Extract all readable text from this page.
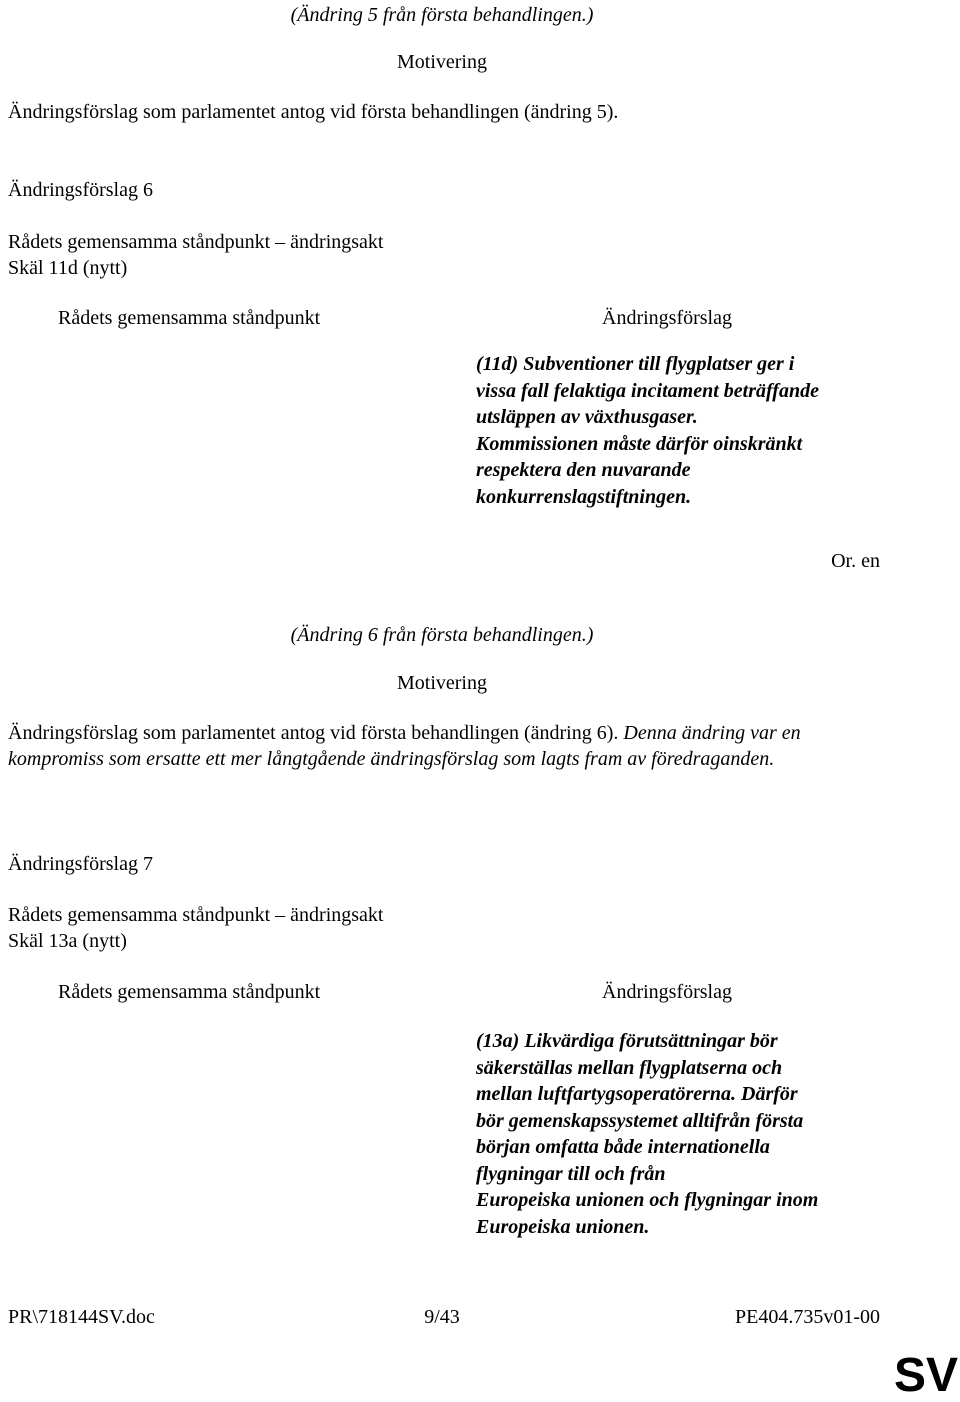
(Ändring 5 från första behandlingen.)
Motivering
Ändringsförslag som parlamentet antog vid första behandlingen (ändring 5).
Ändringsförslag 6
Rådets gemensamma ståndpunkt – ändringsakt
Skäl 11d (nytt)
Rådets gemensamma ståndpunkt	Ändringsförslag
(11d) Subventioner till flygplatser ger i
vissa fall felaktiga incitament beträffande
utsläppen av växthusgaser.
Kommissionen måste därför oinskränkt
respektera den nuvarande
konkurrenslagstiftningen.
Or. en
(Ändring 6 från första behandlingen.)
Motivering
Ändringsförslag som parlamentet antog vid första behandlingen (ändring 6). Denna ändring var en kompromiss som ersatte ett mer långtgående ändringsförslag som lagts fram av föredraganden.
Ändringsförslag 7
Rådets gemensamma ståndpunkt – ändringsakt
Skäl 13a (nytt)
Rådets gemensamma ståndpunkt	Ändringsförslag
(13a) Likvärdiga förutsättningar bör
säkerställas mellan flygplatserna och
mellan luftfartygsoperatörerna. Därför
bör gemenskapssystemet alltifrån första
början omfatta både internationella
flygningar till och från
Europeiska unionen och flygningar inom
Europeiska unionen.
PR\718144SV.doc	9/43	PE404.735v01-00
SV
